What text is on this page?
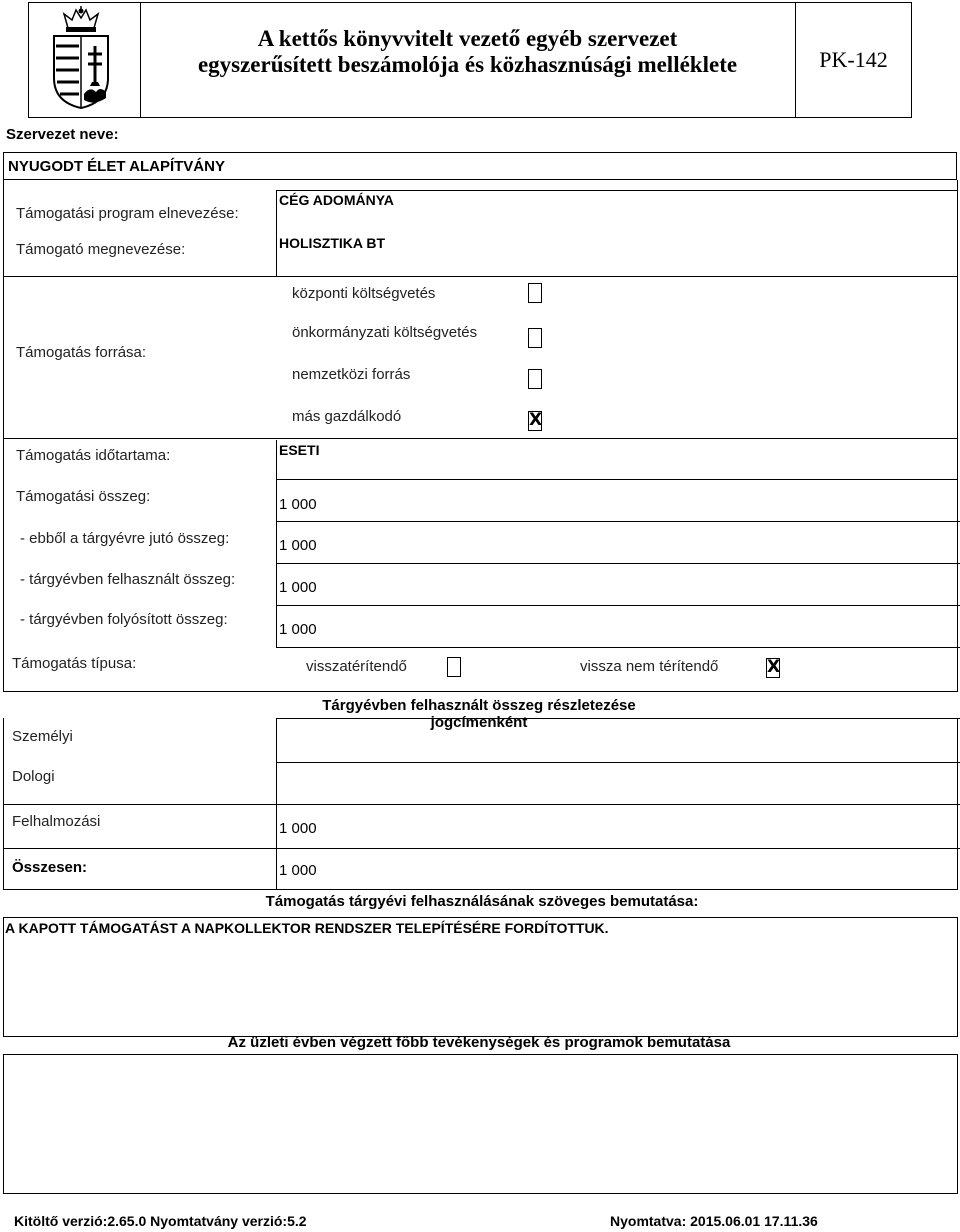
A kettős könyvvitelt vezető egyéb szervezet
egyszerűsített beszámolója és közhasznúsági melléklete	PK-142
Szervezet neve:
NYUGODT ÉLET ALAPÍTVÁNY
Támogatási program elnevezése:
CÉG ADOMÁNYA
Támogató megnevezése:	HOLISZTIKA BT
Támogatás forrása:
központi költségvetés
önkormányzati költségvetés
nemzetközi forrás
más gazdálkodó	X
Támogatás időtartama:	ESETI
Támogatási összeg:	1 000
- ebből a tárgyévre jutó összeg:	1 000
- tárgyévben felhasznált összeg:	1 000
- tárgyévben folyósított összeg:
1 000
Támogatás típusa:	visszatérítendő	vissza nem térítendő	X
Tárgyévben felhasznált összeg részletezése jogcímenként
Személyi
Dologi
Felhalmozási	1 000
Összesen:	1 000
Támogatás tárgyévi felhasználásának szöveges bemutatása:
A KAPOTT TÁMOGATÁST A NAPKOLLEKTOR RENDSZER TELEPÍTÉSÉRE FORDÍTOTTUK.
Az üzleti évben végzett főbb tevékenységek és programok bemutatása
Kitöltő verzió:2.65.0 Nyomtatvány verzió:5.2	Nyomtatva: 2015.06.01 17.11.36
